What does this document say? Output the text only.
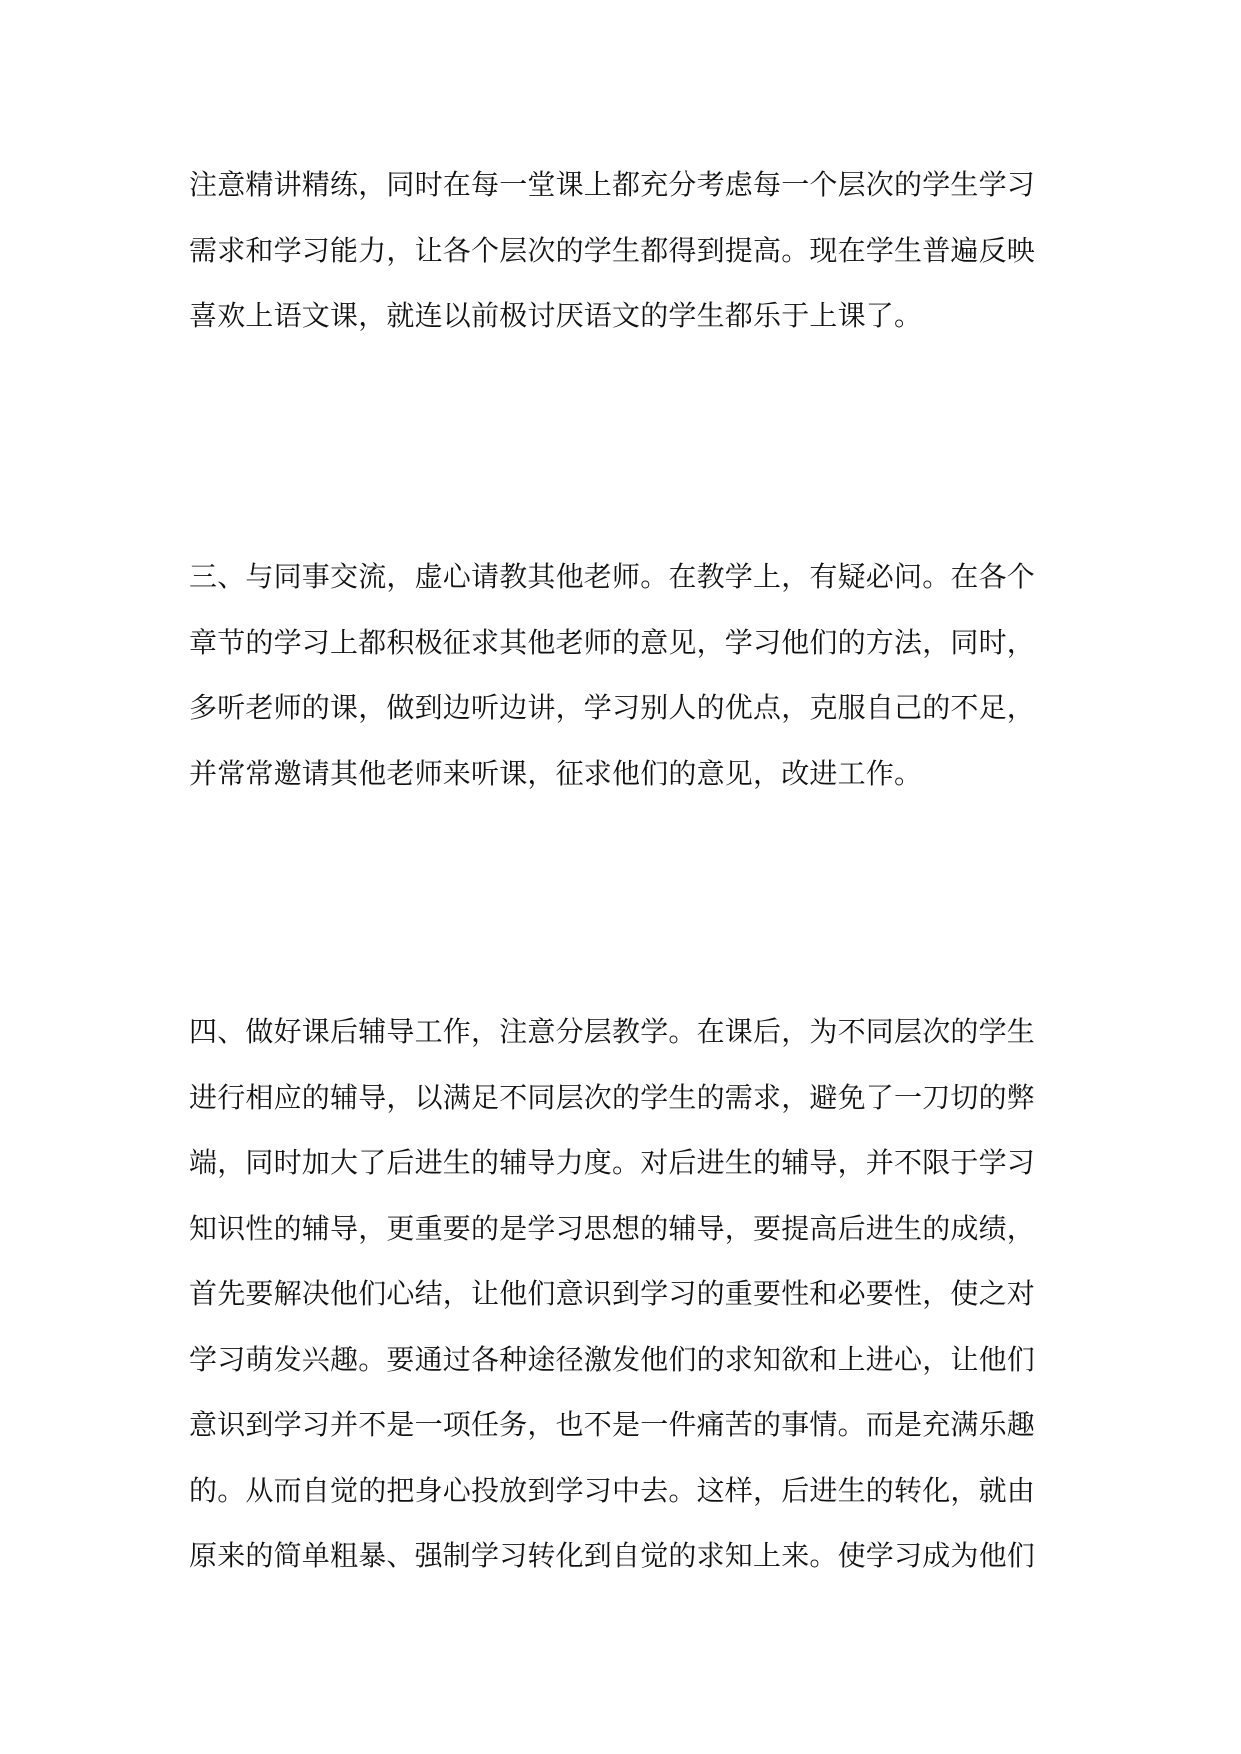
注意精讲精练，同时在每一堂课上都充分考虑每一个层次的学生学习
需求和学习能力，让各个层次的学生都得到提高。现在学生普遍反映
喜欢上语文课，就连以前极讨厌语文的学生都乐于上课了。
三、与同事交流，虚心请教其他老师。在教学上，有疑必问。在各个
章节的学习上都积极征求其他老师的意见，学习他们的方法，同时，
多听老师的课，做到边听边讲，学习别人的优点，克服自己的不足，
并常常邀请其他老师来听课，征求他们的意见，改进工作。
四、做好课后辅导工作，注意分层教学。在课后，为不同层次的学生
进行相应的辅导，以满足不同层次的学生的需求，避免了一刀切的弊
端，同时加大了后进生的辅导力度。对后进生的辅导，并不限于学习
知识性的辅导，更重要的是学习思想的辅导，要提高后进生的成绩，
首先要解决他们心结，让他们意识到学习的重要性和必要性，使之对
学习萌发兴趣。要通过各种途径激发他们的求知欲和上进心，让他们
意识到学习并不是一项任务，也不是一件痛苦的事情。而是充满乐趣
的。从而自觉的把身心投放到学习中去。这样，后进生的转化，就由
原来的简单粗暴、强制学习转化到自觉的求知上来。使学习成为他们
